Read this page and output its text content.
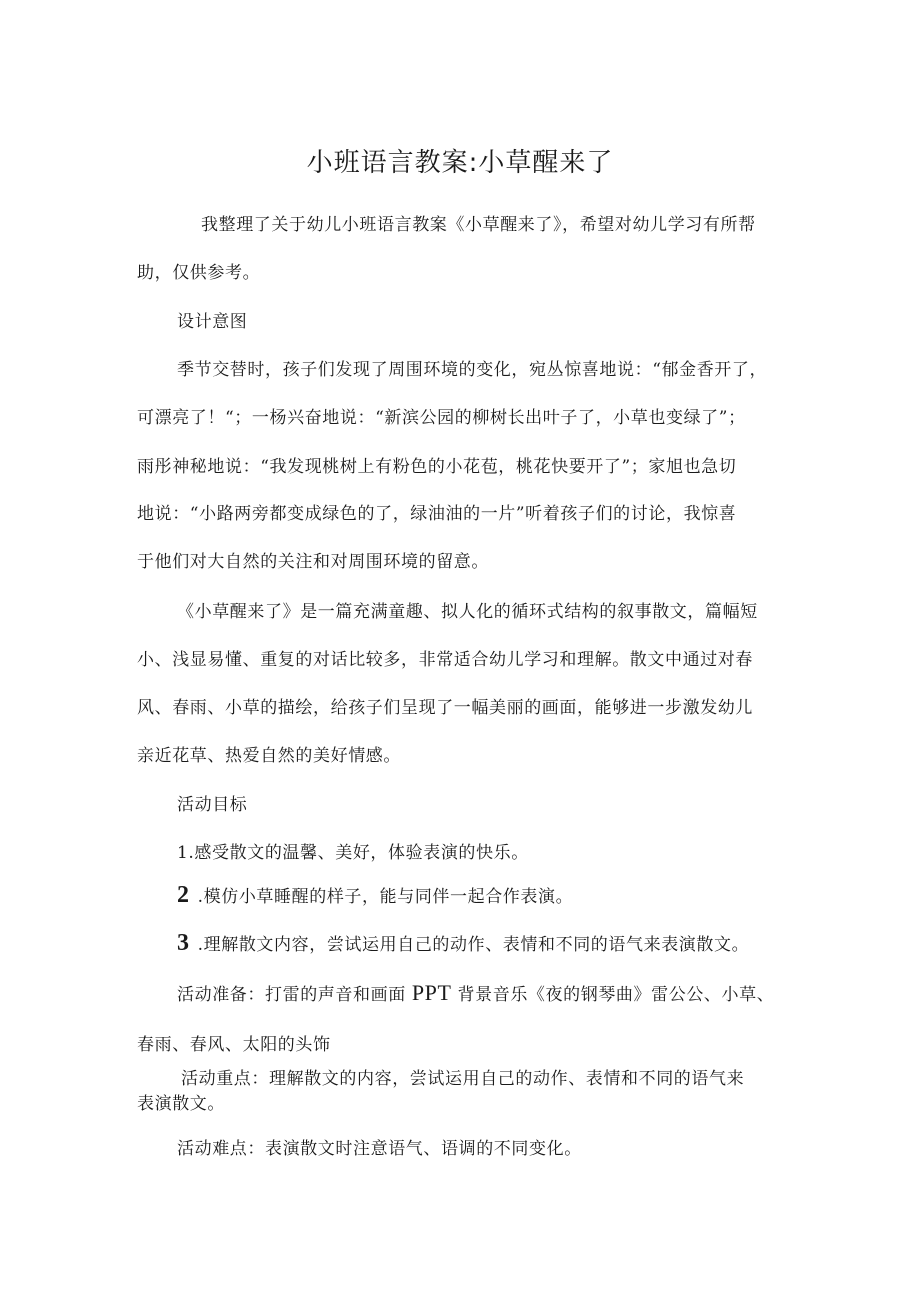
小班语言教案:小草醒来了

我整理了关于幼儿小班语言教案《小草醒来了》，希望对幼儿学习有所帮

助，仅供参考。

设计意图

季节交替时，孩子们发现了周围环境的变化，宛丛惊喜地说：“郁金香开了，

可漂亮了！“；一杨兴奋地说：“新滨公园的柳树长出叶子了，小草也变绿了”；

雨彤神秘地说：“我发现桃树上有粉色的小花苞，桃花快要开了”；家旭也急切

地说：“小路两旁都变成绿色的了，绿油油的一片”听着孩子们的讨论，我惊喜

于他们对大自然的关注和对周围环境的留意。

《小草醒来了》是一篇充满童趣、拟人化的循环式结构的叙事散文，篇幅短

小、浅显易懂、重复的对话比较多，非常适合幼儿学习和理解。散文中通过对春

风、春雨、小草的描绘，给孩子们呈现了一幅美丽的画面，能够进一步激发幼儿

亲近花草、热爱自然的美好情感。

活动目标

1.感受散文的温馨、美好，体验表演的快乐。

2 .模仿小草睡醒的样子，能与同伴一起合作表演。

3 .理解散文内容，尝试运用自己的动作、表情和不同的语气来表演散文。

活动准备：打雷的声音和画面 PPT 背景音乐《夜的钢琴曲》雷公公、小草、

春雨、春风、太阳的头饰

活动重点：理解散文的内容，尝试运用自己的动作、表情和不同的语气来

表演散文。

活动难点：表演散文时注意语气、语调的不同变化。
